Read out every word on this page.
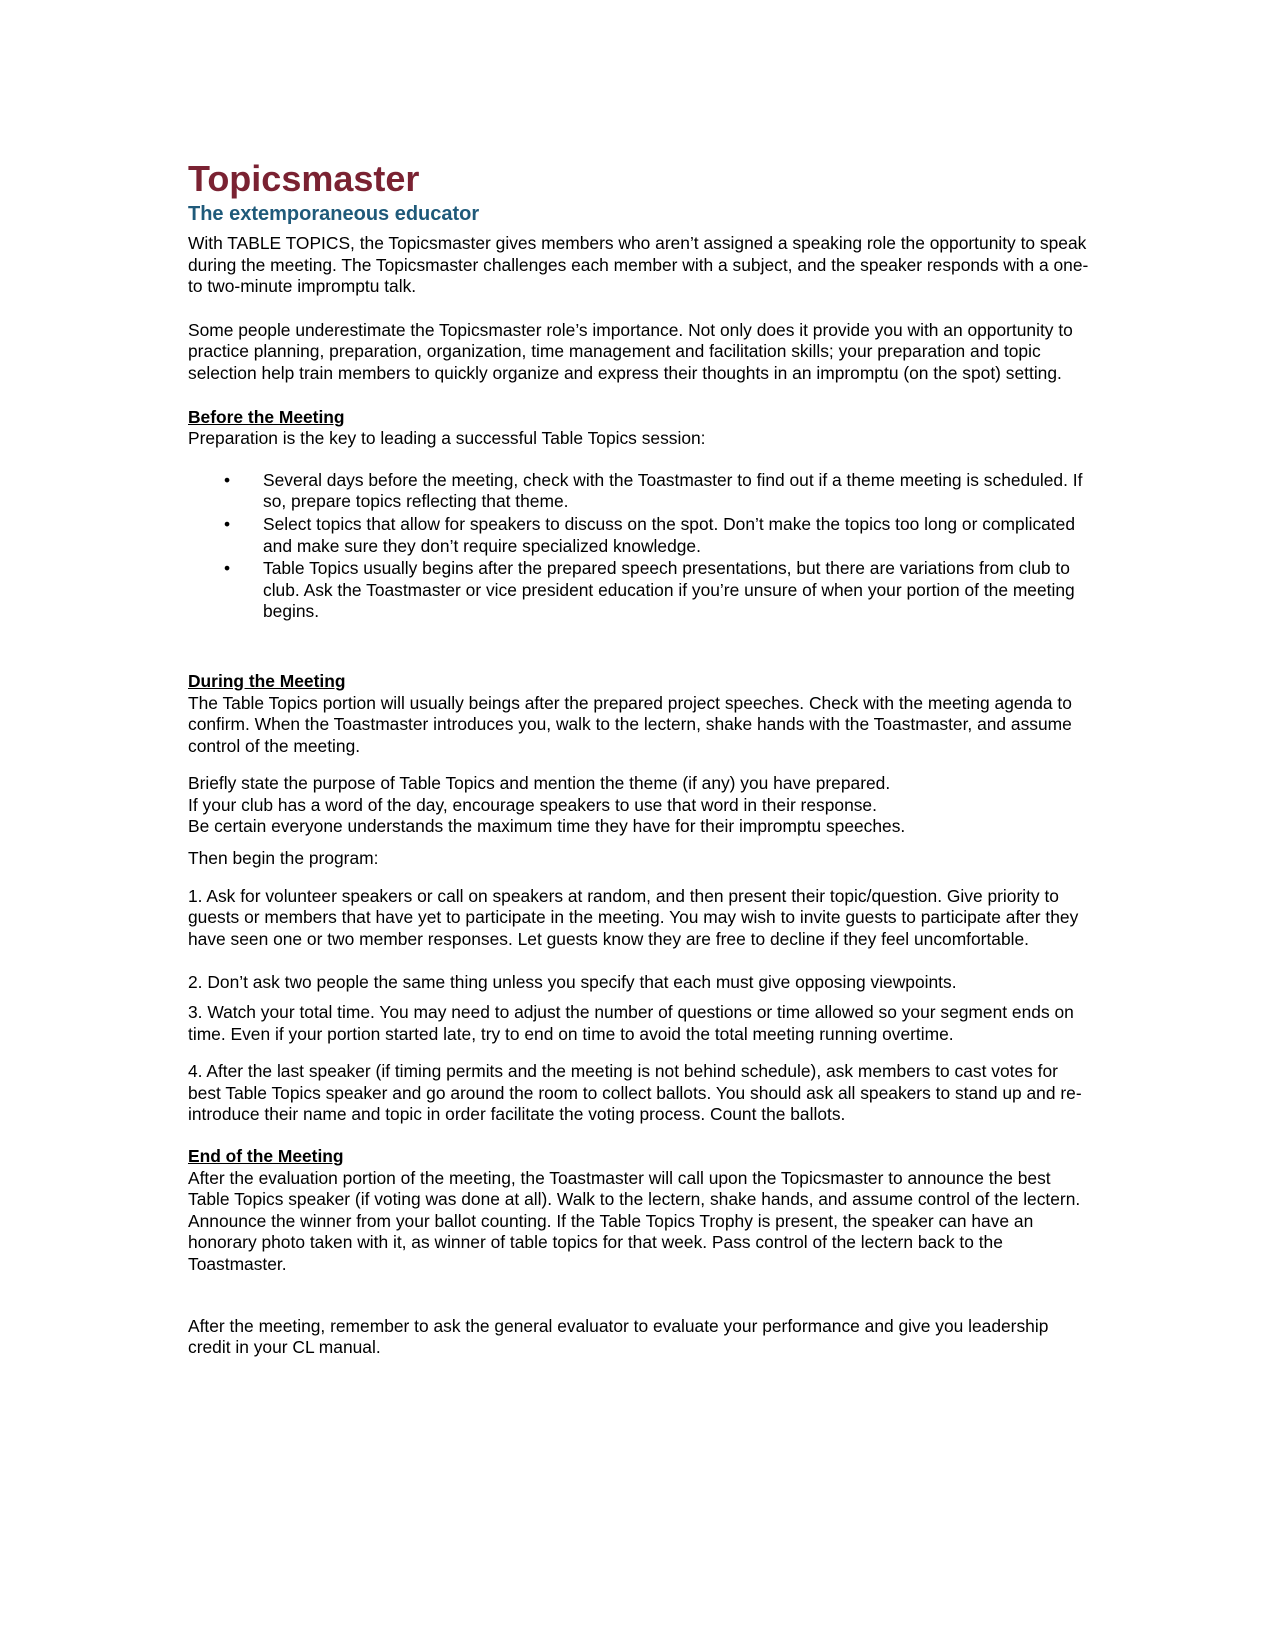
Topicsmaster
The extemporaneous educator

With TABLE TOPICS, the Topicsmaster gives members who aren’t assigned a speaking role the opportunity to speak during the meeting. The Topicsmaster challenges each member with a subject, and the speaker responds with a one- to two-minute impromptu talk.

Some people underestimate the Topicsmaster role’s importance. Not only does it provide you with an opportunity to practice planning, preparation, organization, time management and facilitation skills; your preparation and topic selection help train members to quickly organize and express their thoughts in an impromptu (on the spot) setting.

Before the Meeting

Preparation is the key to leading a successful Table Topics session:

• Several days before the meeting, check with the Toastmaster to find out if a theme meeting is scheduled. If so, prepare topics reflecting that theme.
• Select topics that allow for speakers to discuss on the spot. Don’t make the topics too long or complicated and make sure they don’t require specialized knowledge.
• Table Topics usually begins after the prepared speech presentations, but there are variations from club to club. Ask the Toastmaster or vice president education if you’re unsure of when your portion of the meeting begins.
During the Meeting

The Table Topics portion will usually beings after the prepared project speeches. Check with the meeting agenda to confirm. When the Toastmaster introduces you, walk to the lectern, shake hands with the Toastmaster, and assume control of the meeting.

Briefly state the purpose of Table Topics and mention the theme (if any) you have prepared.

If your club has a word of the day, encourage speakers to use that word in their response.

Be certain everyone understands the maximum time they have for their impromptu speeches.

Then begin the program:

1. Ask for volunteer speakers or call on speakers at random, and then present their topic/question. Give priority to guests or members that have yet to participate in the meeting. You may wish to invite guests to participate after they have seen one or two member responses. Let guests know they are free to decline if they feel uncomfortable.

2. Don’t ask two people the same thing unless you specify that each must give opposing viewpoints.

3. Watch your total time. You may need to adjust the number of questions or time allowed so your segment ends on time. Even if your portion started late, try to end on time to avoid the total meeting running overtime.

4. After the last speaker (if timing permits and the meeting is not behind schedule), ask members to cast votes for best Table Topics speaker and go around the room to collect ballots. You should ask all speakers to stand up and re-introduce their name and topic in order facilitate the voting process. Count the ballots.

End of the Meeting

After the evaluation portion of the meeting, the Toastmaster will call upon the Topicsmaster to announce the best Table Topics speaker (if voting was done at all). Walk to the lectern, shake hands, and assume control of the lectern. Announce the winner from your ballot counting. If the Table Topics Trophy is present, the speaker can have an honorary photo taken with it, as winner of table topics for that week. Pass control of the lectern back to the Toastmaster.

After the meeting, remember to ask the general evaluator to evaluate your performance and give you leadership credit in your CL manual.
